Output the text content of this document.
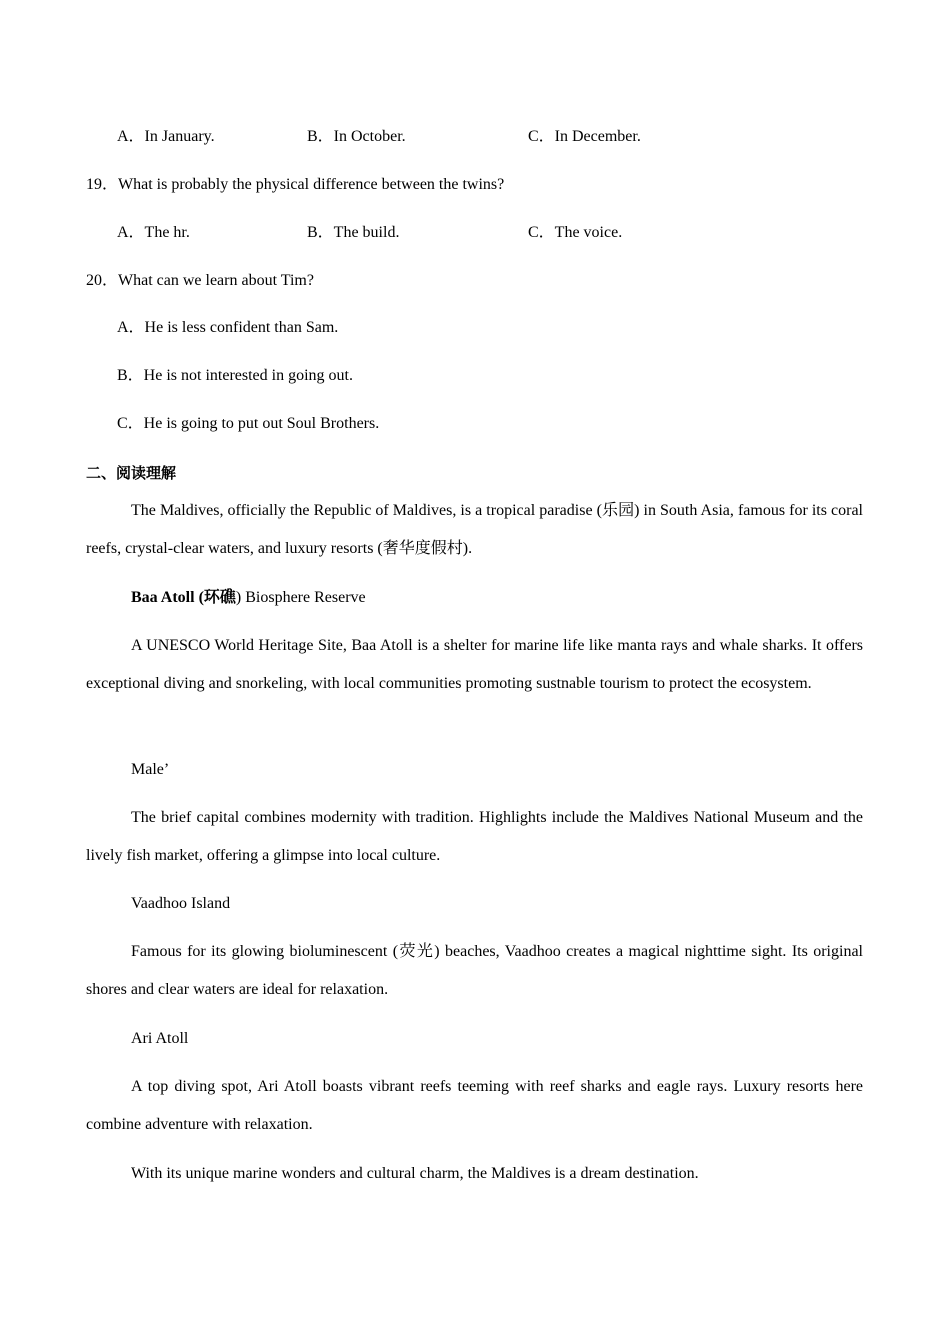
A．In January.	B．In October.	C．In December.
19．What is probably the physical difference between the twins?
A．The hr.	B．The build.	C．The voice.
20．What can we learn about Tim?
A．He is less confident than Sam.
B．He is not interested in going out.
C．He is going to put out Soul Brothers.
二、阅读理解
The Maldives, officially the Republic of Maldives, is a tropical paradise (乐园) in South Asia, famous for its coral reefs, crystal-clear waters, and luxury resorts (奢华度假村).
Baa Atoll (环礁) Biosphere Reserve
A UNESCO World Heritage Site, Baa Atoll is a shelter for marine life like manta rays and whale sharks. It offers exceptional diving and snorkeling, with local communities promoting sustnable tourism to protect the ecosystem.
Male’
The brief capital combines modernity with tradition. Highlights include the Maldives National Museum and the lively fish market, offering a glimpse into local culture.
Vaadhoo Island
Famous for its glowing bioluminescent (荧光) beaches, Vaadhoo creates a magical nighttime sight. Its original shores and clear waters are ideal for relaxation.
Ari Atoll
A top diving spot, Ari Atoll boasts vibrant reefs teeming with reef sharks and eagle rays. Luxury resorts here combine adventure with relaxation.
With its unique marine wonders and cultural charm, the Maldives is a dream destination.
